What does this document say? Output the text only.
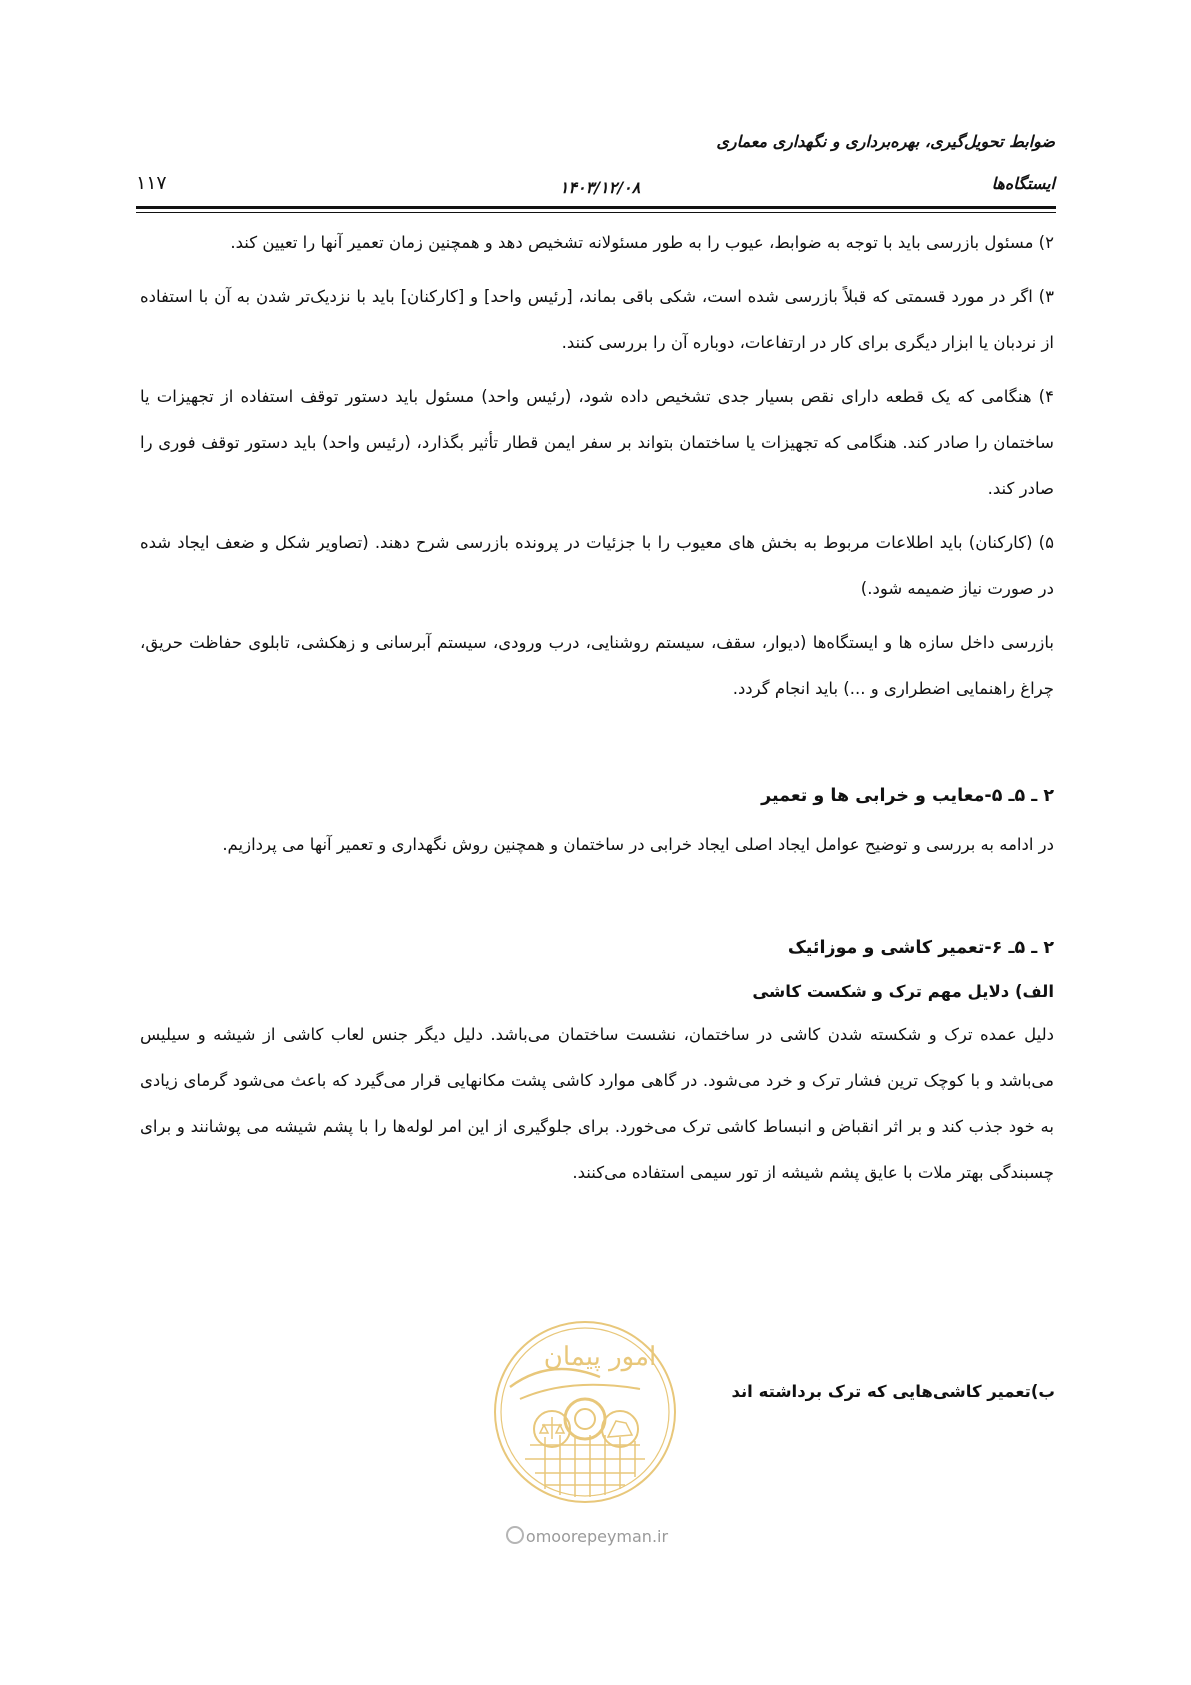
ضوابط تحویل‌گیری، بهره‌برداری و نگهداری معماری
ایستگاه‌ها
۱۴۰۳/۱۲/۰۸
۱۱۷

۲) مسئول بازرسی باید با توجه به ضوابط، عیوب را به طور مسئولانه تشخیص دهد و همچنین زمان تعمیر آنها را تعیین کند.

۳) اگر در مورد قسمتی که قبلاً بازرسی شده است، شکی باقی بماند، [رئیس واحد] و [کارکنان] باید با نزدیک‌تر شدن به آن با استفاده از نردبان یا ابزار دیگری برای کار در ارتفاعات، دوباره آن را بررسی کنند.

۴) هنگامی که یک قطعه دارای نقص بسیار جدی تشخیص داده شود، (رئیس واحد) مسئول باید دستور توقف استفاده از تجهیزات یا ساختمان را صادر کند. هنگامی که تجهیزات یا ساختمان بتواند بر سفر ایمن قطار تأثیر بگذارد، (رئیس واحد) باید دستور توقف فوری را صادر کند.

۵) (کارکنان) باید اطلاعات مربوط به بخش های معیوب را با جزئیات در پرونده بازرسی شرح دهند. (تصاویر شکل و ضعف ایجاد شده در صورت نیاز ضمیمه شود.)

بازرسی داخل سازه ها و ایستگاه‌ها (دیوار، سقف، سیستم روشنایی، درب ورودی، سیستم آبرسانی و زهکشی، تابلوی حفاظت حریق، چراغ راهنمایی اضطراری و ...) باید انجام گردد.

۲ ـ ۵ـ ۵-معایب و خرابی ها و تعمیر

در ادامه به بررسی و توضیح عوامل ایجاد اصلی ایجاد خرابی در ساختمان و همچنین روش نگهداری و تعمیر آنها می پردازیم.

۲ ـ ۵ـ ۶-تعمیر کاشی و موزائیک

الف) دلایل مهم ترک و شکست کاشی

دلیل عمده ترک و شکسته شدن کاشی در ساختمان، نشست ساختمان می‌باشد. دلیل دیگر جنس لعاب کاشی از شیشه و سیلیس می‌باشد و با کوچک ترین فشار ترک و خرد می‌شود. در گاهی موارد کاشی پشت مکانهایی قرار می‌گیرد که باعث می‌شود گرمای زیادی به خود جذب کند و بر اثر انقباض و انبساط کاشی ترک می‌خورد. برای جلوگیری از این امر لوله‌ها را با پشم شیشه می پوشانند و برای چسبندگی بهتر ملات با عایق پشم شیشه از تور سیمی استفاده می‌کنند.

امور پیمان
omoorepeyman.ir
ب)تعمیر کاشی‌هایی که ترک برداشته اند
